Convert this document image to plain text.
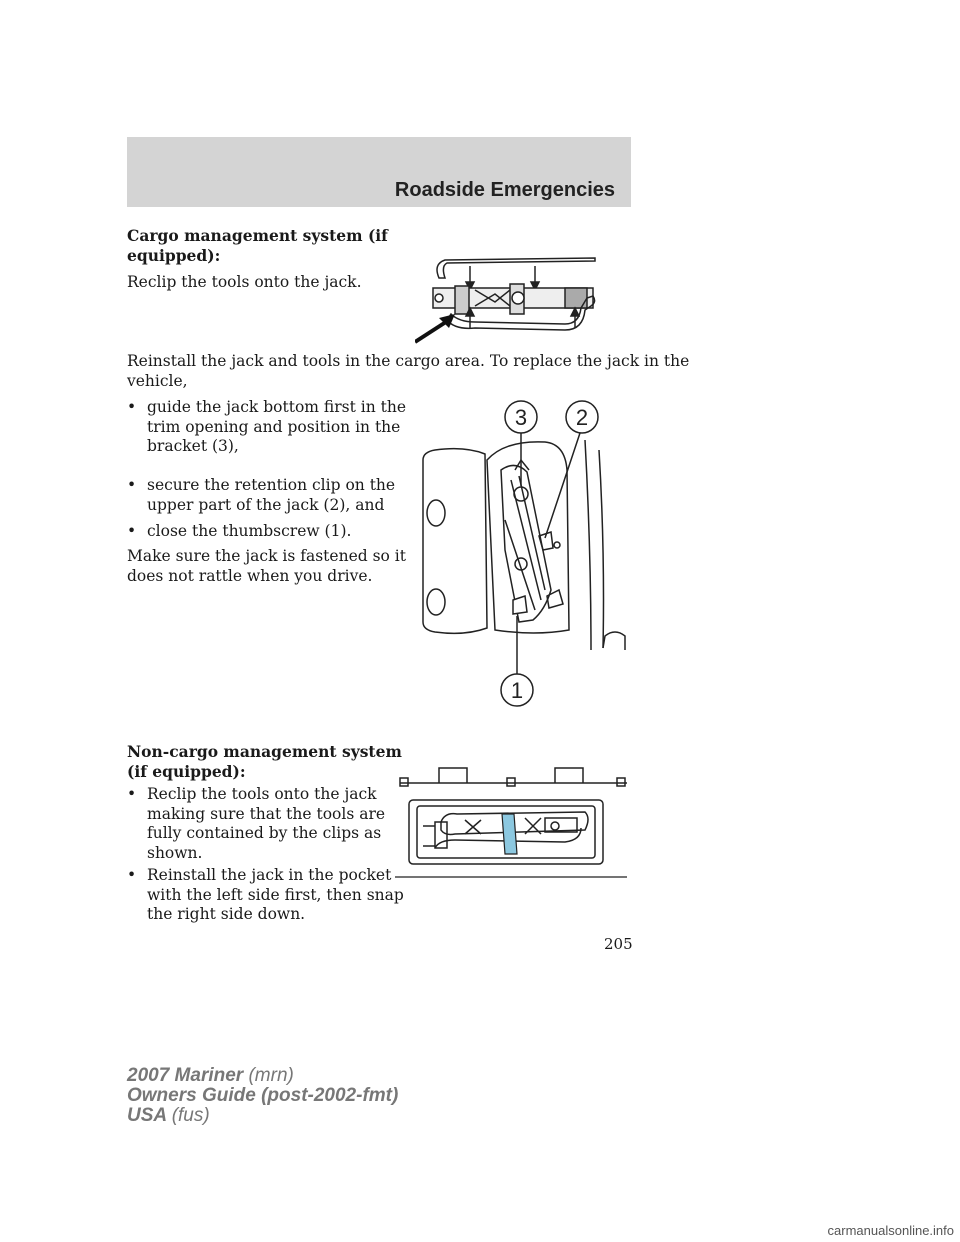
Roadside Emergencies
Cargo management system (if
equipped):
Reclip the tools onto the jack.
Reinstall the jack and tools in the cargo area. To replace the jack in the
vehicle,
• guide the jack bottom first in the
trim opening and position in the
bracket (3),
• secure the retention clip on the
upper part of the jack (2), and
• close the thumbscrew (1).
Make sure the jack is fastened so it
does not rattle when you drive.
3 2
1
Non-cargo management system
(if equipped):
• Reclip the tools onto the jack
making sure that the tools are
fully contained by the clips as
shown.
• Reinstall the jack in the pocket
with the left side first, then snap
the right side down.
205
2007 Mariner (mrn)
Owners Guide (post-2002-fmt)
USA (fus)
carmanualsonline.info
